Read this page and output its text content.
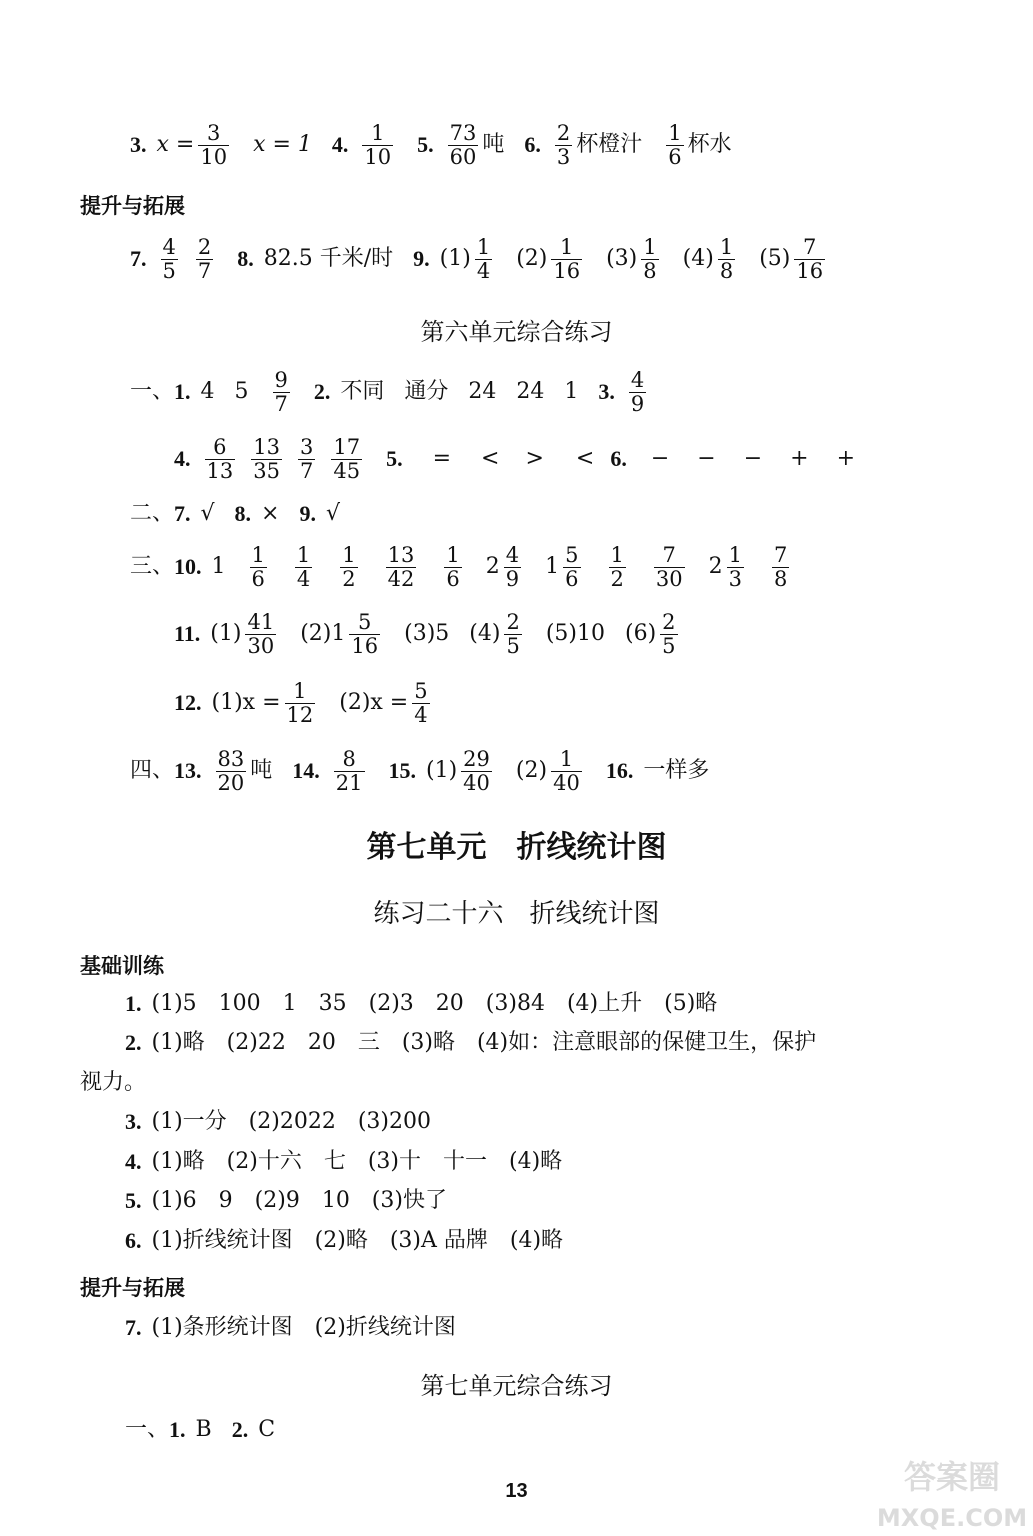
3. $x = \frac{3}{10}$ x = 1 4. $\frac{1}{10} 5$. $\frac{73}{60}$ 吨 6. $\frac{2}{3}$ 杯橙汁 $\frac{1}{6}$ 杯水
提升与拓展
7. $\frac{4}{5} \frac{2}{7} 8$. 82.5 千米/时 9. $(1) \frac{1}{4} (2) \frac{1}{16} (3) \frac{1}{8} (4) \frac{1}{8} (5) \frac{7}{16}$
第六单元综合练习
一、 1. 4 $5 \frac{9}{7} 2$. 不同 通分 24 24 1 3. $\frac{4}{9}$
4. $\frac{6}{13} \frac{13}{35} \frac{3}{7} \frac{17}{45} 5$. = < > < 6. − − − + +
二、 7. √ 8. × 9. √
三、 10. $1 \frac{1}{6} \frac{1}{4} \frac{1}{2} \frac{13}{42} \frac{1}{6} 2 \frac{4}{9} 1 \frac{5}{6} \frac{1}{2} \frac{7}{30} 2 \frac{1}{3} \frac{7}{8}$
11. $(1) \frac{41}{30} (2)1 \frac{5}{16} (3)5$ $(4) \frac{2}{5} (5)10$ $(6) \frac{2}{5}$
12. $(1)x = \frac{1}{12} (2)x = \frac{5}{4}$
四、 13. $\frac{83}{20}$ 吨 14. $\frac{8}{21} 15$. $(1) \frac{29}{40} (2) \frac{1}{40} 16$. 一样多
第七单元　折线统计图
练习二十六　折线统计图
基础训练
1. (1)5　100　1　35　(2)3　20　(3)84　(4)上升　(5)略
2. (1)略　(2)22　20　三　(3)略　(4)如：注意眼部的保健卫生，保护
视力。
3. (1)一分　(2)2022　(3)200
4. (1)略　(2)十六　七　(3)十　十一　(4)略
5. (1)6　9　(2)9　10　(3)快了
6. (1)折线统计图　(2)略　(3)A 品牌　(4)略
提升与拓展
7. (1)条形统计图　(2)折线统计图
第七单元综合练习
一、 1. B 2. C
13	答案圈
MXQE.COM
